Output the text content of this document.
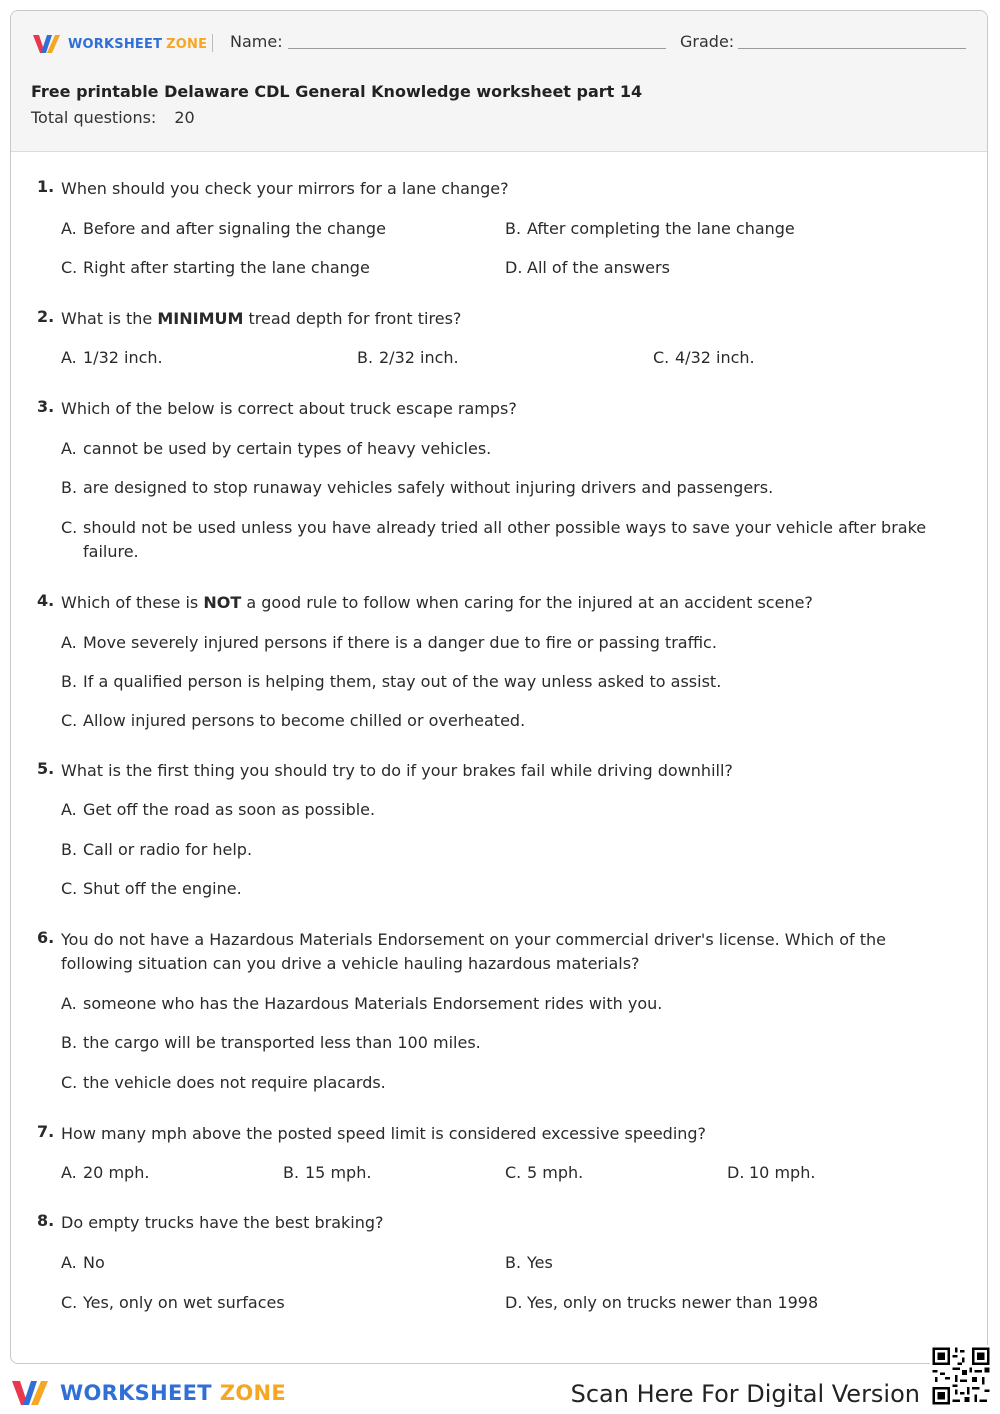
WORKSHEET ZONE Name:	Grade:
Free printable Delaware CDL General Knowledge worksheet part 14
Total questions: 20
1. When should you check your mirrors for a lane change?
A. Before and after signaling the change	B. After completing the lane change
C. Right after starting the lane change	D. All of the answers
2. What is the MINIMUM tread depth for front tires?
A. 1/32 inch.	B. 2/32 inch.	C. 4/32 inch.
3. Which of the below is correct about truck escape ramps?
A. cannot be used by certain types of heavy vehicles.
B. are designed to stop runaway vehicles safely without injuring drivers and passengers.
C. should not be used unless you have already tried all other possible ways to save your vehicle after brake failure.
4. Which of these is NOT a good rule to follow when caring for the injured at an accident scene?
A. Move severely injured persons if there is a danger due to fire or passing traffic.
B. If a qualified person is helping them, stay out of the way unless asked to assist.
C. Allow injured persons to become chilled or overheated.
5. What is the first thing you should try to do if your brakes fail while driving downhill?
A. Get off the road as soon as possible.
B. Call or radio for help.
C. Shut off the engine.
6. You do not have a Hazardous Materials Endorsement on your commercial driver's license. Which of the following situation can you drive a vehicle hauling hazardous materials?
A. someone who has the Hazardous Materials Endorsement rides with you.
B. the cargo will be transported less than 100 miles.
C. the vehicle does not require placards.
7. How many mph above the posted speed limit is considered excessive speeding?
A. 20 mph.	B. 15 mph.	C. 5 mph.	D. 10 mph.
8. Do empty trucks have the best braking?
A. No	B. Yes
C. Yes, only on wet surfaces	D. Yes, only on trucks newer than 1998
WORKSHEET ZONE	Scan Here For Digital Version
